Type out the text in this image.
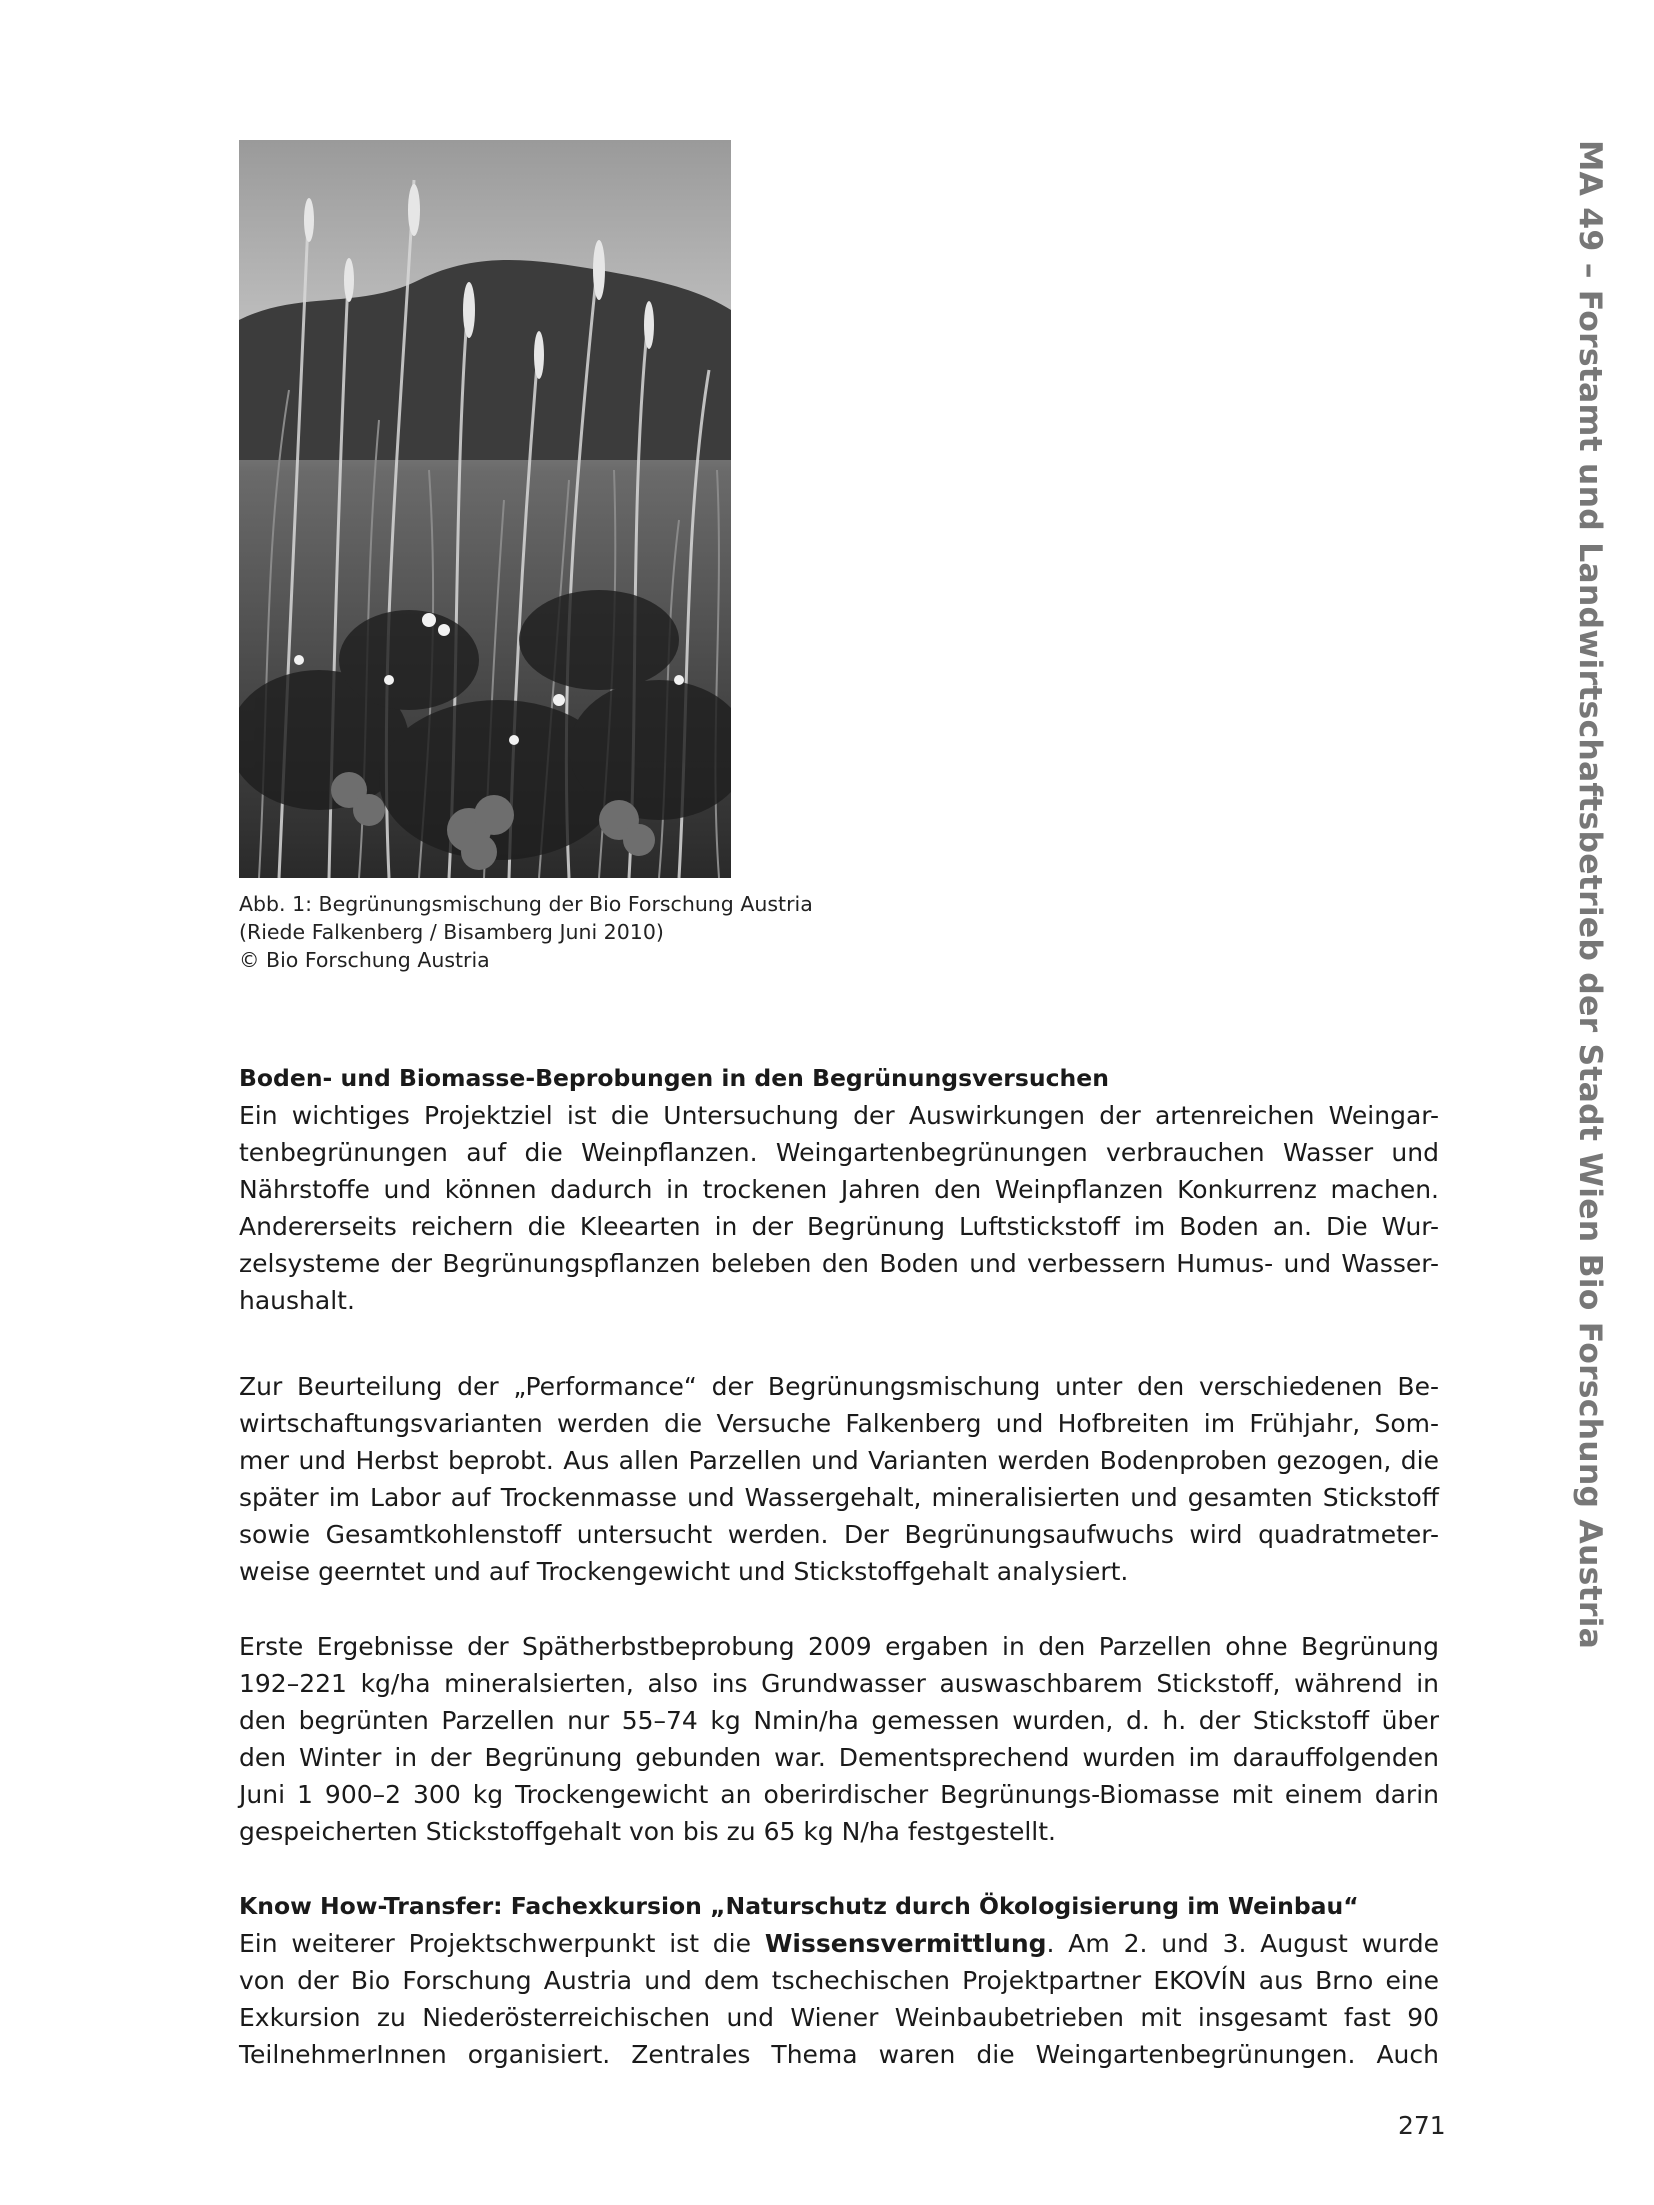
Abb. 1: Begrünungsmischung der Bio Forschung Austria
(Riede Falkenberg / Bisamberg Juni 2010)
© Bio Forschung Austria
Boden- und Biomasse-Beprobungen in den Begrünungsversuchen
Ein wichtiges Projektziel ist die Untersuchung der Auswirkungen der artenreichen Weingar-
tenbegrünungen auf die Weinpflanzen. Weingartenbegrünungen verbrauchen Wasser und
Nährstoffe und können dadurch in trockenen Jahren den Weinpflanzen Konkurrenz machen.
Andererseits reichern die Kleearten in der Begrünung Luftstickstoff im Boden an. Die Wur-
zelsysteme der Begrünungspflanzen beleben den Boden und verbessern Humus- und Wasser-
haushalt.
Zur Beurteilung der „Performance“ der Begrünungsmischung unter den verschiedenen Be-
wirtschaftungsvarianten werden die Versuche Falkenberg und Hofbreiten im Frühjahr, Som-
mer und Herbst beprobt. Aus allen Parzellen und Varianten werden Bodenproben gezogen, die
später im Labor auf Trockenmasse und Wassergehalt, mineralisierten und gesamten Stickstoff
sowie Gesamtkohlenstoff untersucht werden. Der Begrünungsaufwuchs wird quadratmeter-
weise geerntet und auf Trockengewicht und Stickstoffgehalt analysiert.
Erste Ergebnisse der Spätherbstbeprobung 2009 ergaben in den Parzellen ohne Begrünung
192–221 kg/ha mineralsierten, also ins Grundwasser auswaschbarem Stickstoff, während in
den begrünten Parzellen nur 55–74 kg Nmin/ha gemessen wurden, d. h. der Stickstoff über
den Winter in der Begrünung gebunden war. Dementsprechend wurden im darauffolgenden
Juni 1 900–2 300 kg Trockengewicht an oberirdischer Begrünungs-Biomasse mit einem darin
gespeicherten Stickstoffgehalt von bis zu 65 kg N/ha festgestellt.
Know How-Transfer: Fachexkursion „Naturschutz durch Ökologisierung im Weinbau“
Ein weiterer Projektschwerpunkt ist die Wissensvermittlung. Am 2. und 3. August wurde
von der Bio Forschung Austria und dem tschechischen Projektpartner EKOVÍN aus Brno eine
Exkursion zu Niederösterreichischen und Wiener Weinbaubetrieben mit insgesamt fast 90
TeilnehmerInnen organisiert. Zentrales Thema waren die Weingartenbegrünungen. Auch
MA 49 – Forstamt und Landwirtschaftsbetrieb der Stadt Wien Bio Forschung Austria
271
